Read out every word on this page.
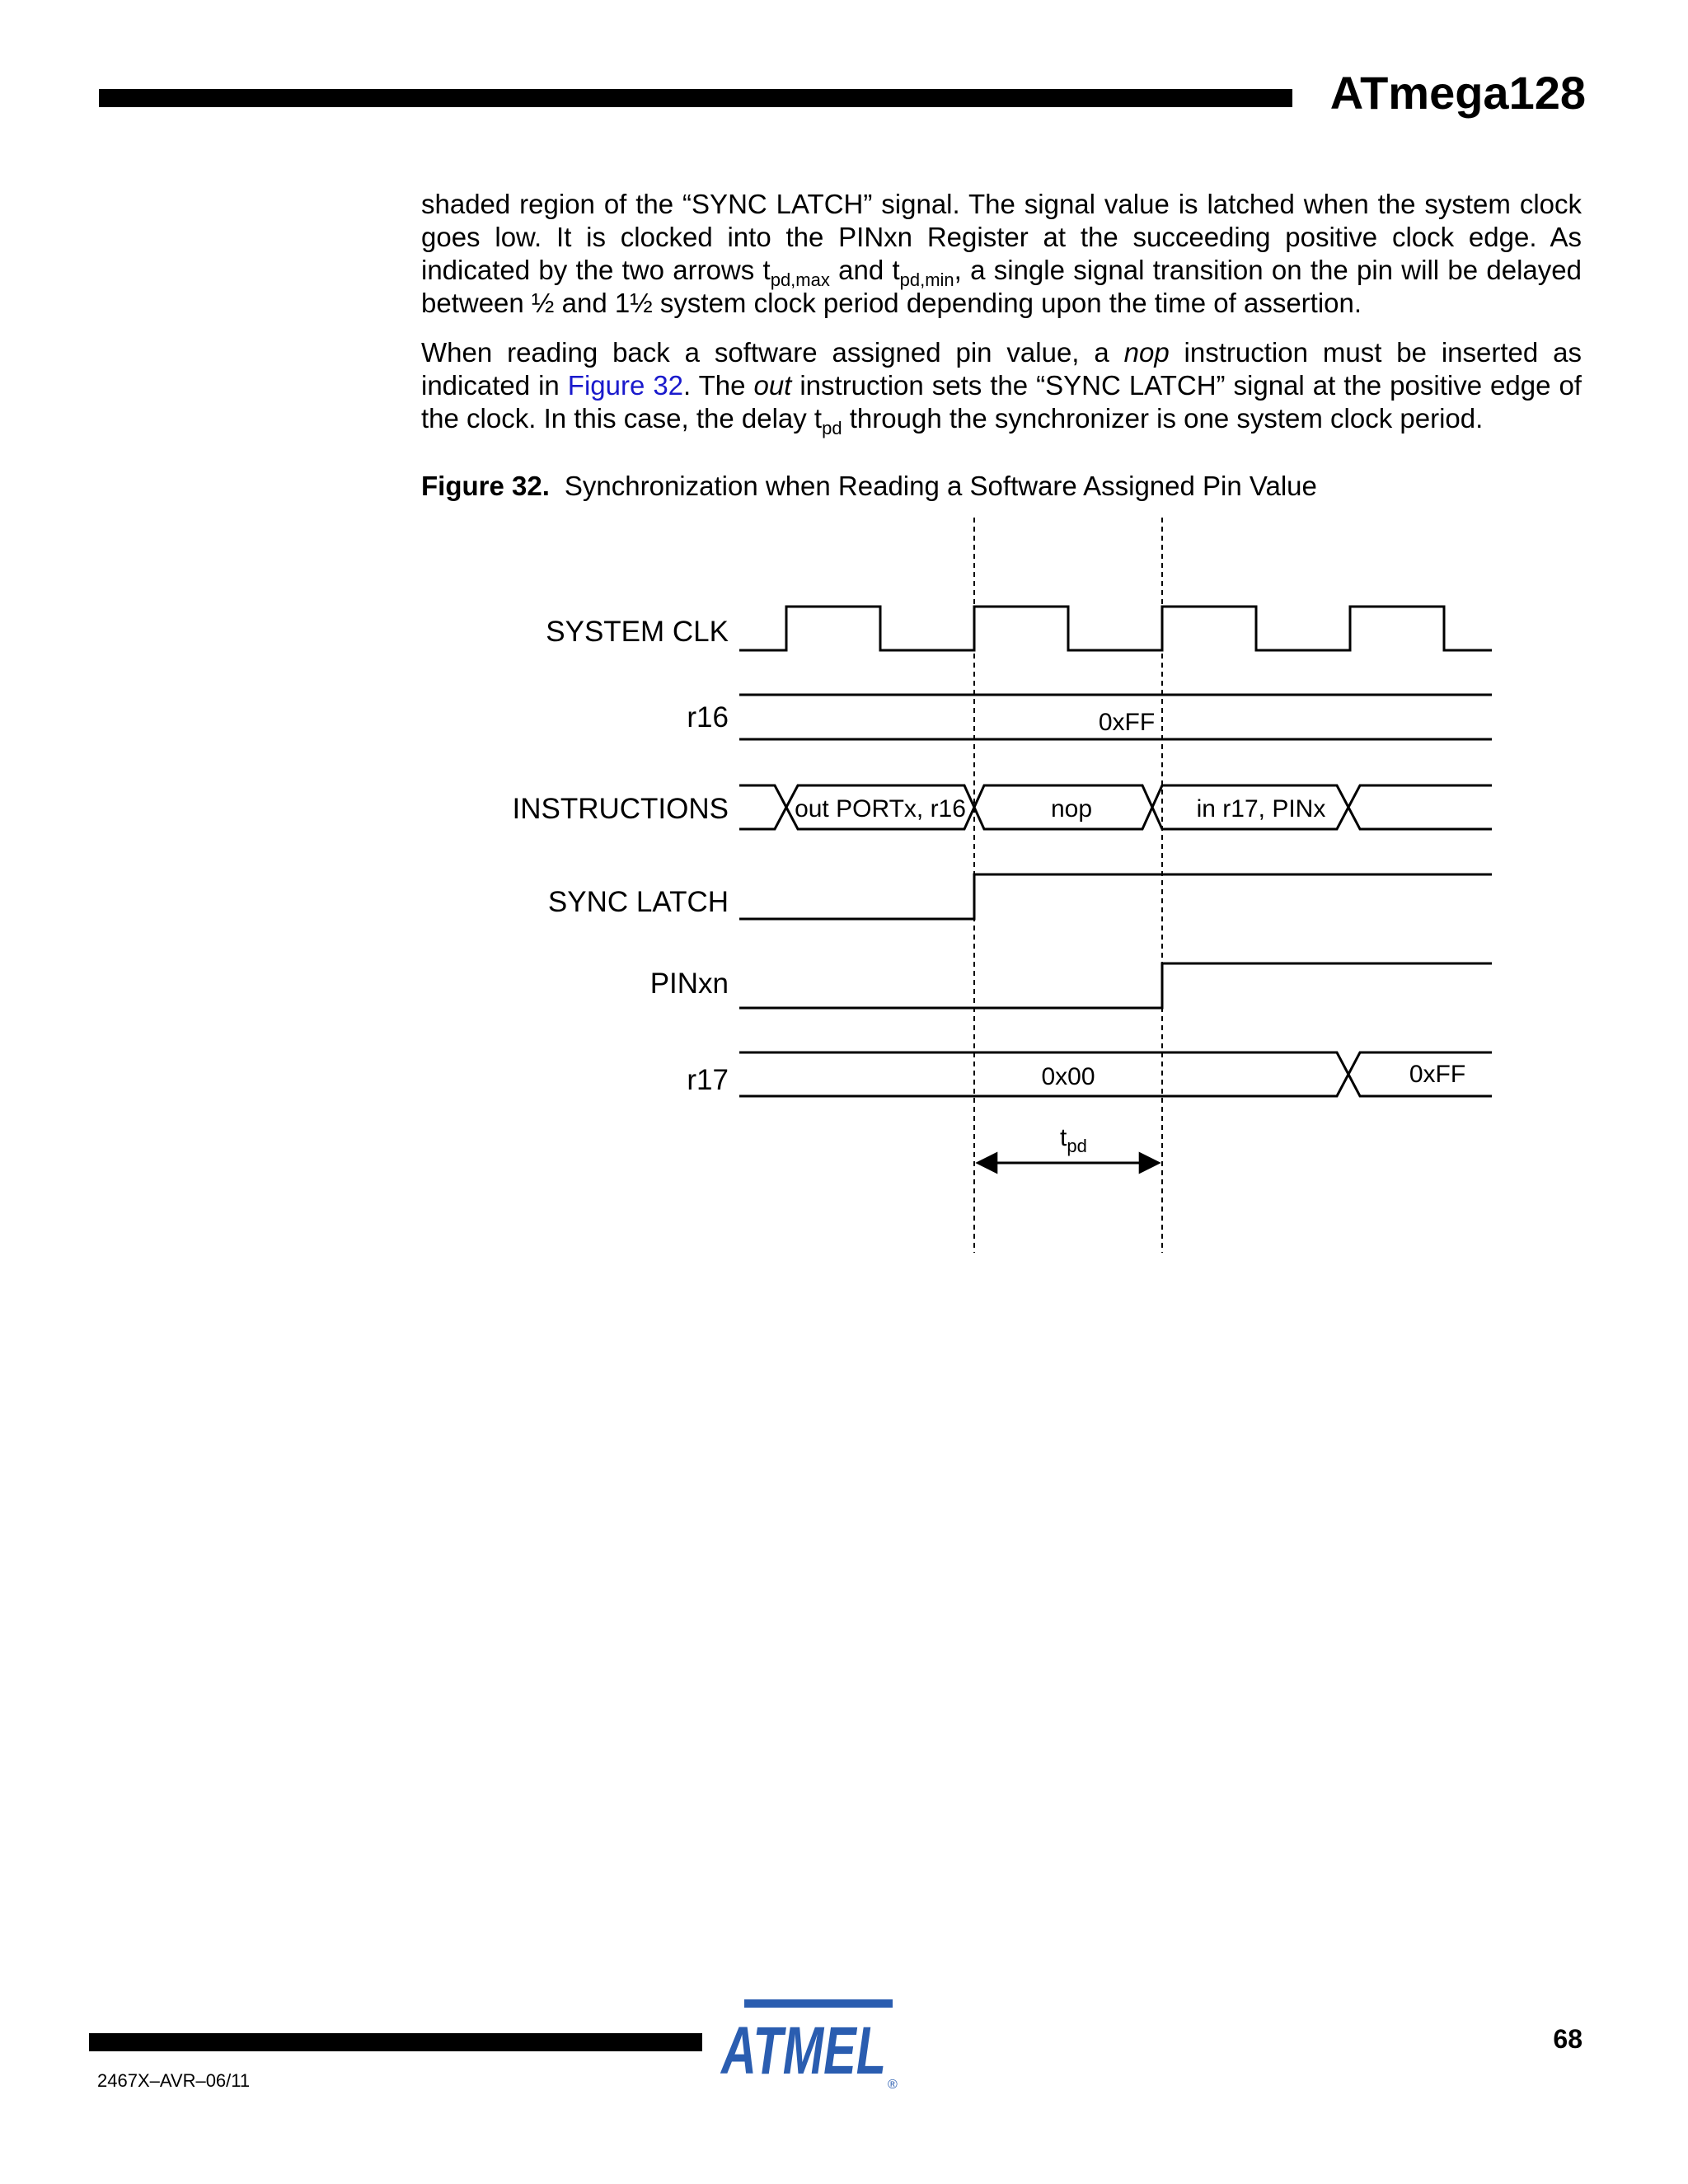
ATmega128

shaded region of the “SYNC LATCH” signal. The signal value is latched when the system clock goes low. It is clocked into the PINxn Register at the succeeding positive clock edge. As indicated by the two arrows $t_{pd,max}$ and $t_{pd,min}$, a single signal transition on the pin will be delayed between ½ and 1½ system clock period depending upon the time of assertion.

When reading back a software assigned pin value, a nop instruction must be inserted as indicated in Figure 32. The out instruction sets the “SYNC LATCH” signal at the positive edge of the clock. In this case, the delay $t_{pd}$ through the synchronizer is one system clock period.

Figure 32. Synchronization when Reading a Software Assigned Pin Value
SYSTEM CLK
r16
INSTRUCTIONS
SYNC LATCH
PINxn
r17
0xFF
out PORTx, r16	nop	in r17, PINx
0x00	0xFF
$t_{pd}$
ATMEL ®
68
2467X–AVR–06/11
